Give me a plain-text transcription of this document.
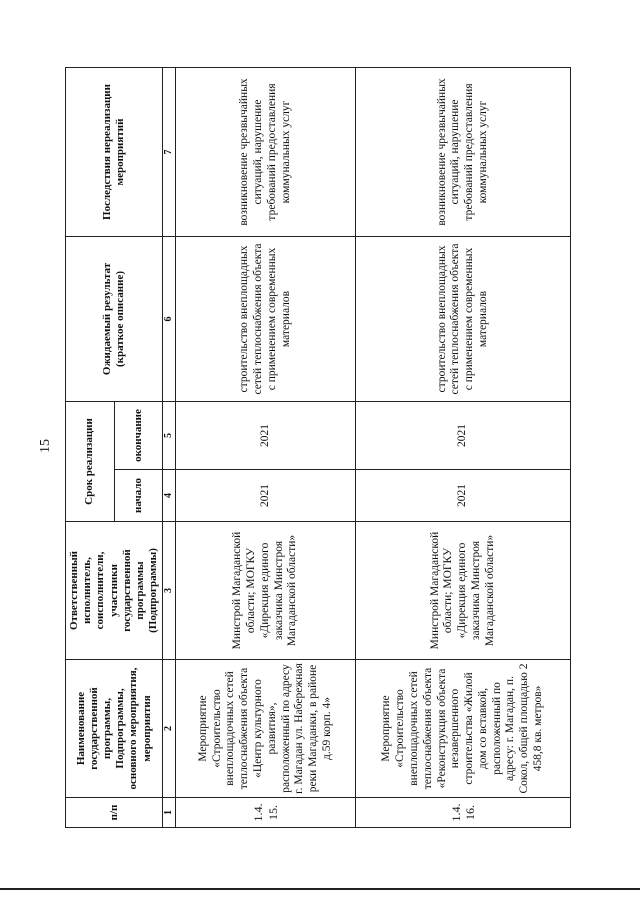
15
п/п	Наименование государственной программы, Подпрограммы, основного мероприятия, мероприятия	Ответственный исполнитель, соисполнители, участники государственной программы (Подпрограммы)	Срок реализации		Ожидаемый результат (краткое описание)	Последствия нереализации мероприятий
			начало	окончание		
1	2	3	4	5	6	7
1.4.15.	Мероприятие «Строительство внеплощадочных сетей теплоснабжения объекта «Центр культурного развития», расположенный по адресу г. Магадан ул. Набережная реки Магаданки, в районе д.59 корп. 4»	Минстрой Магаданской области; МОГКУ «Дирекция единого заказчика Минстроя Магаданской области»	2021	2021	строительство внеплощадных сетей теплоснабжения объекта с применением современных материалов	возникновение чрезвычайных ситуаций, нарушение требований предоставления коммунальных услуг
1.4.16.	Мероприятие «Строительство внеплощадочных сетей теплоснабжения объекта «Реконструкция объекта незавершенного строительства «Жилой дом со вставкой, расположенный по адресу: г. Магадан, п. Сокол, общей площадью 2 458,8 кв. метров»	Минстрой Магаданской области; МОГКУ «Дирекция единого заказчика Минстроя Магаданской области»	2021	2021	строительство внеплощадных сетей теплоснабжения объекта с применением современных материалов	возникновение чрезвычайных ситуаций, нарушение требований предоставления коммунальных услуг
